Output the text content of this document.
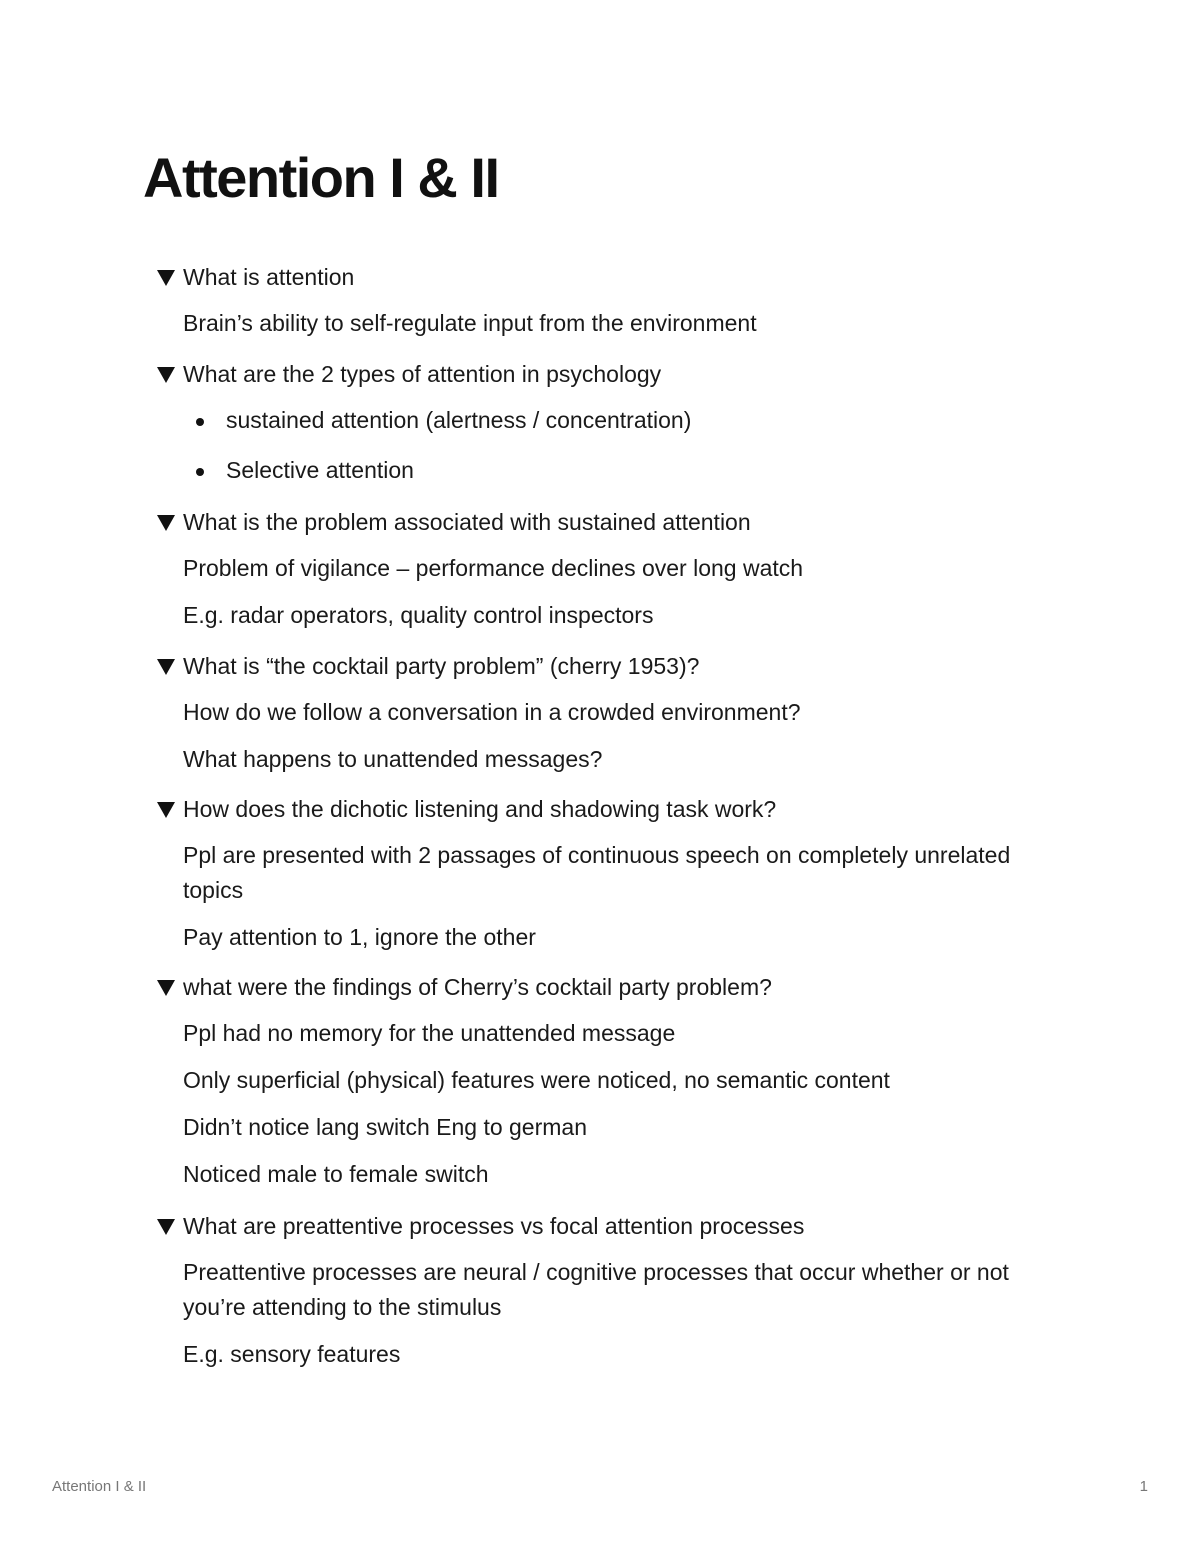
Attention I & II
What is attention
Brain’s ability to self-regulate input from the environment
What are the 2 types of attention in psychology
sustained attention (alertness / concentration)
Selective attention
What is the problem associated with sustained attention
Problem of vigilance – performance declines over long watch
E.g. radar operators, quality control inspectors
What is “the cocktail party problem” (cherry 1953)?
How do we follow a conversation in a crowded environment?
What happens to unattended messages?
How does the dichotic listening and shadowing task work?
Ppl are presented with 2 passages of continuous speech on completely unrelated topics
Pay attention to 1, ignore the other
what were the findings of Cherry’s cocktail party problem?
Ppl had no memory for the unattended message
Only superficial (physical) features were noticed, no semantic content
Didn’t notice lang switch Eng to german
Noticed male to female switch
What are preattentive processes vs focal attention processes
Preattentive processes are neural / cognitive processes that occur whether or not you’re attending to the stimulus
E.g. sensory features
Attention I & II	1
